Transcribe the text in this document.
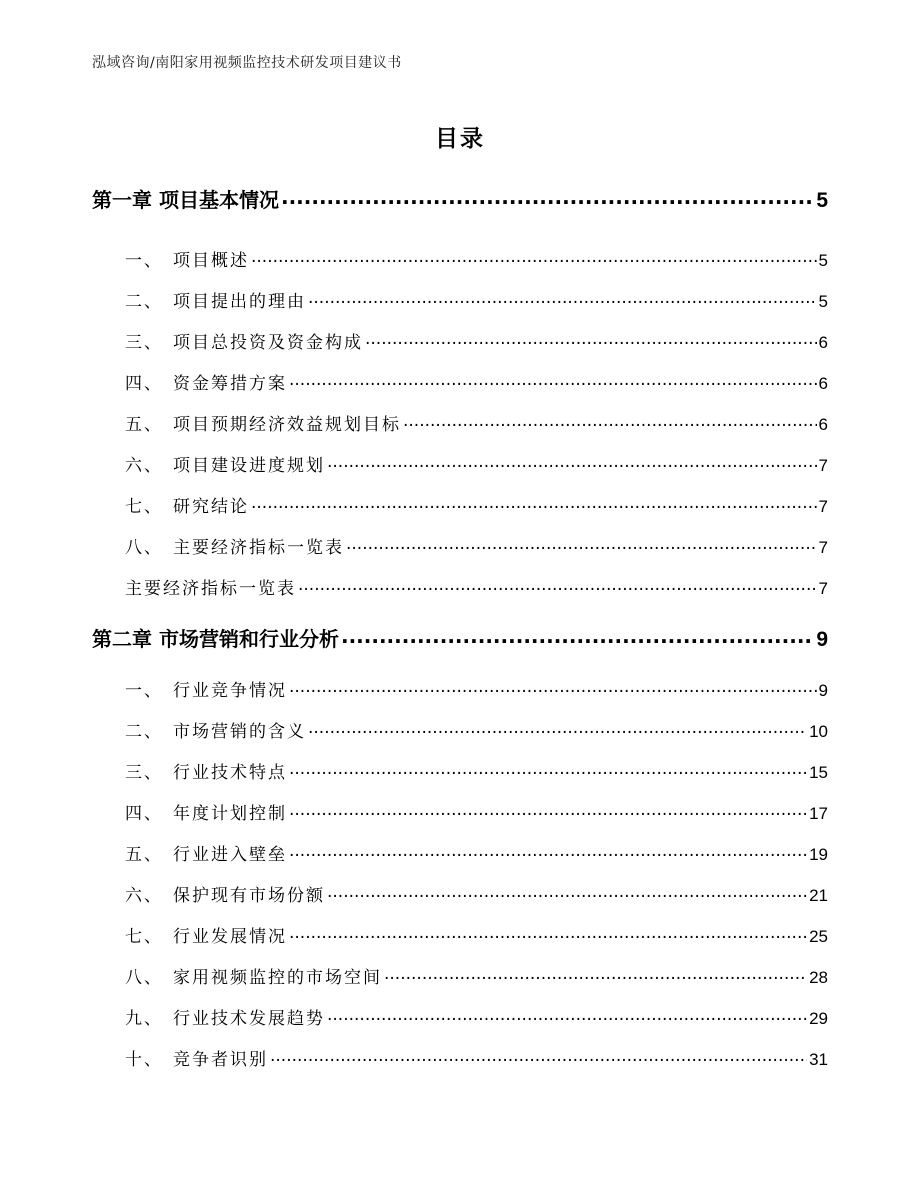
泓域咨询/南阳家用视频监控技术研发项目建议书
目录
第一章 项目基本情况 .....	5
一、 项目概述 .....	5
二、 项目提出的理由 .....	5
三、 项目总投资及资金构成 .....	6
四、 资金筹措方案 .....	6
五、 项目预期经济效益规划目标 .....	6
六、 项目建设进度规划 .....	7
七、 研究结论 .....	7
八、 主要经济指标一览表 .....	7
主要经济指标一览表 .....	7
第二章 市场营销和行业分析 .....	9
一、 行业竞争情况 .....	9
二、 市场营销的含义 .....	10
三、 行业技术特点 .....	15
四、 年度计划控制 .....	17
五、 行业进入壁垒 .....	19
六、 保护现有市场份额 .....	21
七、 行业发展情况 .....	25
八、 家用视频监控的市场空间 .....	28
九、 行业技术发展趋势 .....	29
十、 竞争者识别 .....	31
